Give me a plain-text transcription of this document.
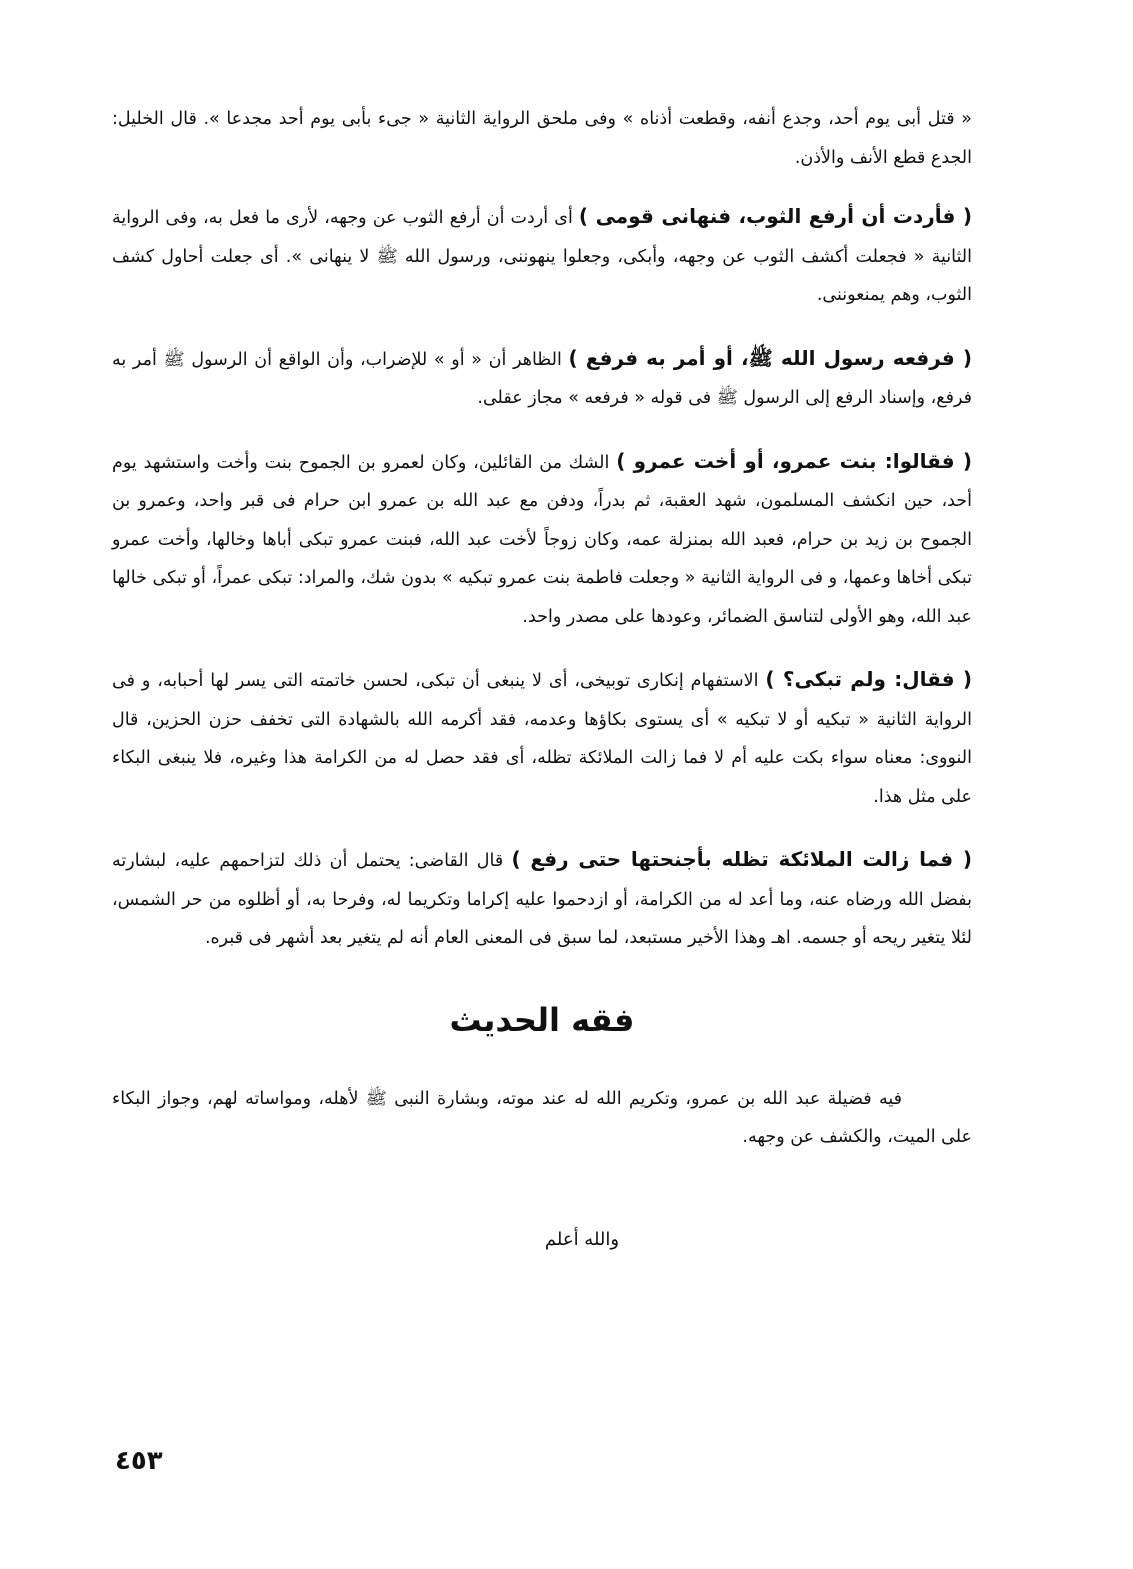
« قتل أبى يوم أحد، وجدع أنفه، وقطعت أذناه » وفى ملحق الرواية الثانية « جىء بأبى يوم أحد مجدعا ». قال الخليل: الجدع قطع الأنف والأذن.

( فأردت أن أرفع الثوب، فنهانى قومى ) أى أردت أن أرفع الثوب عن وجهه، لأرى ما فعل به، وفى الرواية الثانية « فجعلت أكشف الثوب عن وجهه، وأبكى، وجعلوا ينهوننى، ورسول الله ﷺ لا ينهانى ». أى جعلت أحاول كشف الثوب، وهم يمنعوننى.

( فرفعه رسول الله ﷺ، أو أمر به فرفع ) الظاهر أن « أو » للإضراب، وأن الواقع أن الرسول ﷺ أمر به فرفع، وإسناد الرفع إلى الرسول ﷺ فى قوله « فرفعه » مجاز عقلى.

( فقالوا: بنت عمرو، أو أخت عمرو ) الشك من القائلين، وكان لعمرو بن الجموح بنت وأخت واستشهد يوم أحد، حين انكشف المسلمون، شهد العقبة، ثم بدراً، ودفن مع عبد الله بن عمرو ابن حرام فى قبر واحد، وعمرو بن الجموح بن زيد بن حرام، فعبد الله بمنزلة عمه، وكان زوجاً لأخت عبد الله، فبنت عمرو تبكى أباها وخالها، وأخت عمرو تبكى أخاها وعمها، و فى الرواية الثانية « وجعلت فاطمة بنت عمرو تبكيه » بدون شك، والمراد: تبكى عمراً، أو تبكى خالها عبد الله، وهو الأولى لتناسق الضمائر، وعودها على مصدر واحد.

( فقال: ولم تبكى؟ ) الاستفهام إنكارى توبيخى، أى لا ينبغى أن تبكى، لحسن خاتمته التى يسر لها أحبابه، و فى الرواية الثانية « تبكيه أو لا تبكيه » أى يستوى بكاؤها وعدمه، فقد أكرمه الله بالشهادة التى تخفف حزن الحزين، قال النووى: معناه سواء بكت عليه أم لا فما زالت الملائكة تظله، أى فقد حصل له من الكرامة هذا وغيره، فلا ينبغى البكاء على مثل هذا.

( فما زالت الملائكة تظله بأجنحتها حتى رفع ) قال القاضى: يحتمل أن ذلك لتزاحمهم عليه، لبشارته بفضل الله ورضاه عنه، وما أعد له من الكرامة، أو ازدحموا عليه إكراما وتكريما له، وفرحا به، أو أظلوه من حر الشمس، لئلا يتغير ريحه أو جسمه. اهـ وهذا الأخير مستبعد، لما سبق فى المعنى العام أنه لم يتغير بعد أشهر فى قبره.

فقه الحديث

فيه فضيلة عبد الله بن عمرو، وتكريم الله له عند موته، وبشارة النبى ﷺ لأهله، ومواساته لهم، وجواز البكاء على الميت، والكشف عن وجهه.

والله أعلم
٤٥٣
